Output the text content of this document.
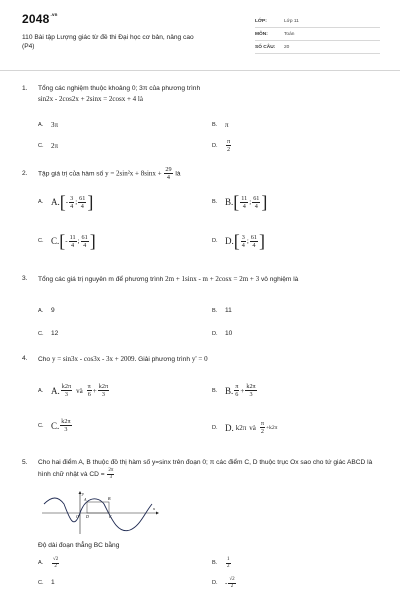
$2048^{.vn}$
110 Bài tập Lượng giác từ đề thi Đại học cơ bản, nâng cao (P4)
LỚP:	Lớp 11
MÔN:	Toán
SỐ CÂU:	20
1.	Tổng các nghiệm thuộc khoảng 0; 3π của phương trình
sin2x - 2cos2x + 2sinx = 2cosx + 4 là
A.	3π	B.	π
C.	2π	D.	$\frac{\pi}{2}$
2.	Tập giá trị của hàm số $y = 2\sin^2x + 8\sin x + \frac{29}{4}$ là
A. A. [ - $\frac{3}{4}$ ; $\frac{61}{4}$ ]	B. B. [ $\frac{11}{4}$ ; $\frac{61}{4}$ ]
C. C. [ - $\frac{11}{4}$ ; $\frac{61}{4}$ ]	D. D. [ $\frac{3}{4}$ ; $\frac{61}{4}$ ]
3.	Tổng các giá trị nguyên m để phương trình 2m + 1sinx - m + 2cosx = 2m + 3 vô nghiệm là
A.	9	B.	11
C.	12	D.	10
4.	Cho y = sin3x - cos3x - 3x + 2009. Giải phương trình y' = 0
A. A. $\frac{k2\pi}{3}$ và $\frac{\pi}{6} + \frac{k2\pi}{3}$	B. B. $\frac{\pi}{6} + \frac{k2\pi}{3}$
C. C. $\frac{k2\pi}{3}$	D. D. k2π và $\frac{\pi}{2} +k2\pi$
5.	Cho hai điểm A, B thuộc đồ thị hàm số y=sinx trên đoạn 0; π các điểm C, D thuộc trục Ox sao cho tứ giác ABCD là hình chữ nhật và CD = $\frac{2\pi}{3}$
y
x
O
A	B
C
D
Độ dài đoạn thẳng BC bằng
A.	$\frac{√2}{2}$	B.	$\frac{1}{2}$
C.	1	D.	- $\frac{√2}{2}$
